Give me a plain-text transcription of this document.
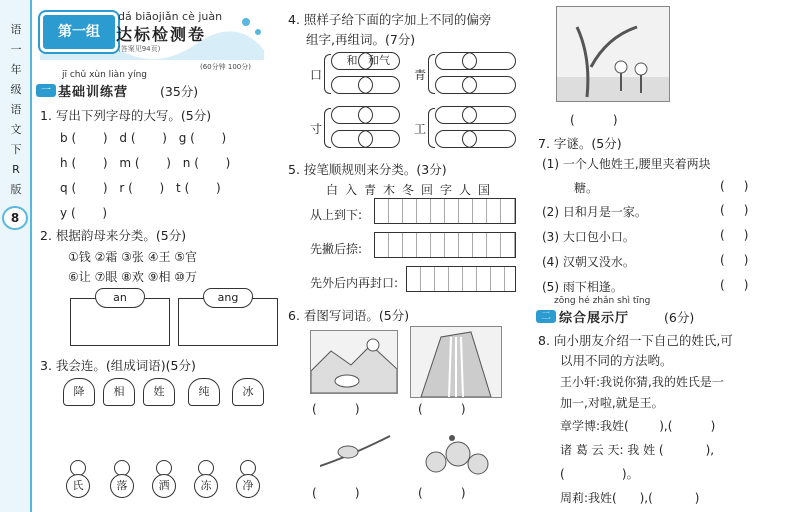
语
一
年
级
语
文
下
R
版
8
第一组
dá biāojiǎn cè juàn
达标检测卷
(答案见94页)
(60分钟 100分)
jī chǔ xùn liàn yíng
一 基础训练营	(35分)
1. 写出下列字母的大写。(5分)
b (       ) d (       ) g (       )
h (       ) m (       ) n (       )
q (       ) r (       ) t (       )
y (       )
2. 根据韵母来分类。(5分)
①钱 ②霜 ③张 ④王 ⑤官
⑥让 ⑦眼 ⑧欢 ⑨相 ⑩万
an	ang
3. 我会连。(组成词语)(5分)
降	相	姓	纯	冰
氏	落	洒	冻	净
4. 照样子给下面的字加上不同的偏旁
组字,再组词。(7分)
口
和 和气
青
寸	工
5. 按笔顺规则来分类。(3分)
白入青木冬回字人国
从上到下:
先撇后捺:
先外后内再封口:
6. 看图写词语。(5分)
(          )	(          )
(          )	(          )
(          )
7. 字谜。(5分)
(1) 一个人他姓王,腰里夹着两块
糖。	(     )
(2) 日和月是一家。	(     )
(3) 大口包小口。	(     )
(4) 汉朝又没水。	(     )
(5) 雨下相逢。	(     )
zōng hé zhǎn shì tīng
二 综合展示厅	(6分)
8. 向小朋友介绍一下自己的姓氏,可
以用不同的方法哟。
王小轩:我说你猜,我的姓氏是一
加一,对啦,就是王。
章学博:我姓(        ),(          )
诸 葛 云 天: 我 姓 (           ),
(               )。
周莉:我姓(      ),(           )
